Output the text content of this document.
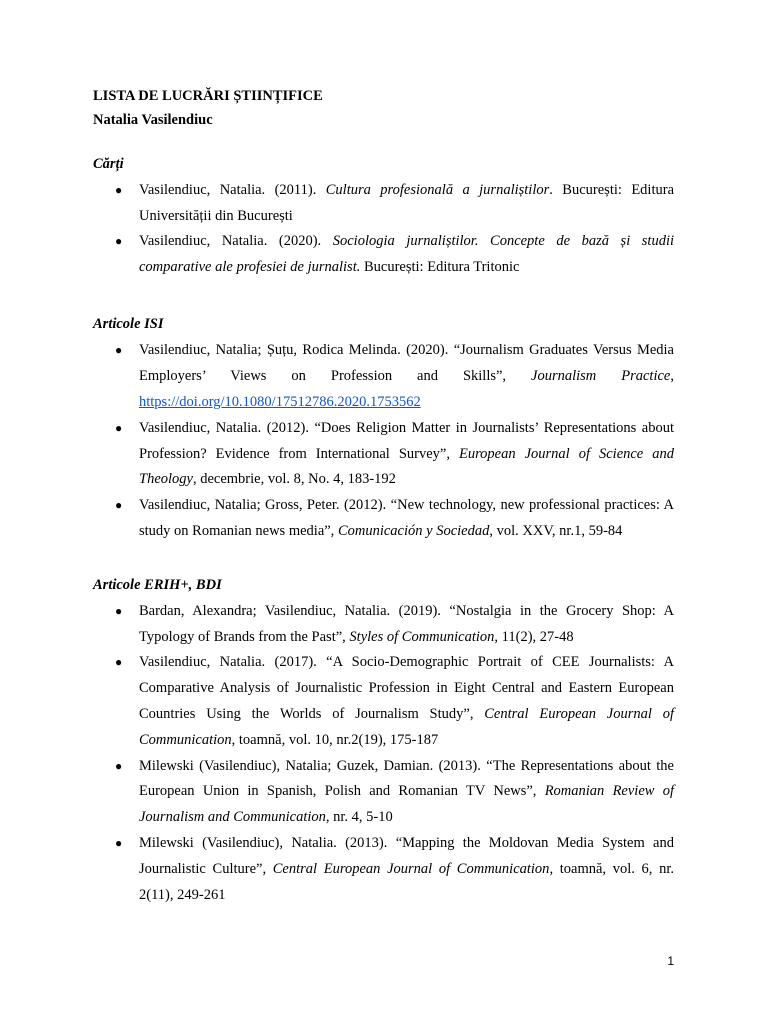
LISTA DE LUCRĂRI ȘTIINȚIFICE
Natalia Vasilendiuc

Cărți

● Vasilendiuc, Natalia. (2011). Cultura profesională a jurnaliștilor. București: Editura Universității din București
● Vasilendiuc, Natalia. (2020). Sociologia jurnaliștilor. Concepte de bază și studii comparative ale profesiei de jurnalist. București: Editura Tritonic

Articole ISI

● Vasilendiuc, Natalia; Șuțu, Rodica Melinda. (2020). “Journalism Graduates Versus Media Employers’ Views on Profession and Skills”, Journalism Practice, https://doi.org/10.1080/17512786.2020.1753562
● Vasilendiuc, Natalia. (2012). “Does Religion Matter in Journalists’ Representations about Profession? Evidence from International Survey”, European Journal of Science and Theology, decembrie, vol. 8, No. 4, 183-192
● Vasilendiuc, Natalia; Gross, Peter. (2012). “New technology, new professional practices: A study on Romanian news media”, Comunicación y Sociedad, vol. XXV, nr.1, 59-84

Articole ERIH+, BDI

● Bardan, Alexandra; Vasilendiuc, Natalia. (2019). “Nostalgia in the Grocery Shop: A Typology of Brands from the Past”, Styles of Communication, 11(2), 27-48
● Vasilendiuc, Natalia. (2017). “A Socio-Demographic Portrait of CEE Journalists: A Comparative Analysis of Journalistic Profession in Eight Central and Eastern European Countries Using the Worlds of Journalism Study”, Central European Journal of Communication, toamnă, vol. 10, nr.2(19), 175-187
● Milewski (Vasilendiuc), Natalia; Guzek, Damian. (2013). “The Representations about the European Union in Spanish, Polish and Romanian TV News”, Romanian Review of Journalism and Communication, nr. 4, 5-10
● Milewski (Vasilendiuc), Natalia. (2013). “Mapping the Moldovan Media System and Journalistic Culture”, Central European Journal of Communication, toamnă, vol. 6, nr. 2(11), 249-261
1
